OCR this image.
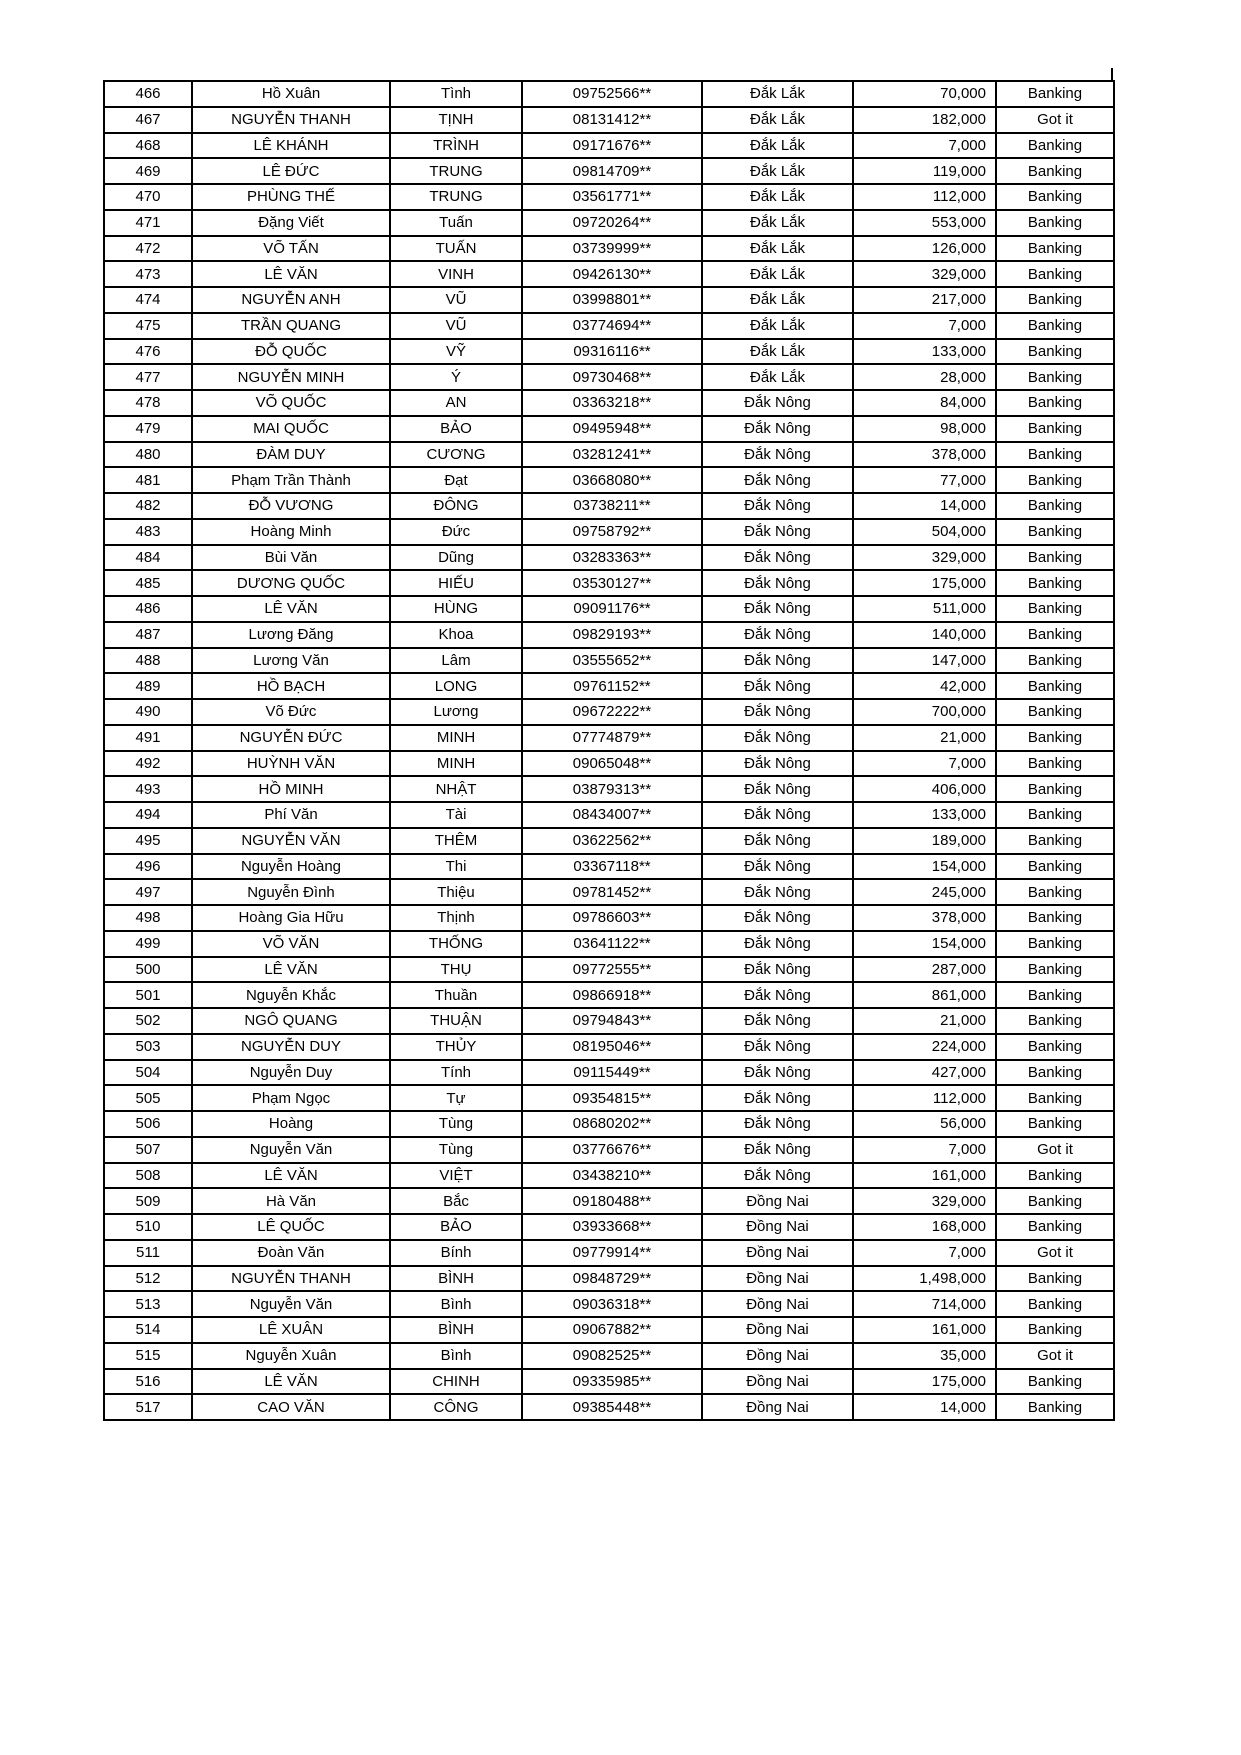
466	Hồ Xuân	Tình	09752566**	Đắk Lắk	70,000	Banking
467	NGUYỄN THANH	TỊNH	08131412**	Đắk Lắk	182,000	Got it
468	LÊ KHÁNH	TRÌNH	09171676**	Đắk Lắk	7,000	Banking
469	LÊ ĐỨC	TRUNG	09814709**	Đắk Lắk	119,000	Banking
470	PHÙNG THẾ	TRUNG	03561771**	Đắk Lắk	112,000	Banking
471	Đặng Viết	Tuấn	09720264**	Đắk Lắk	553,000	Banking
472	VÕ TẤN	TUẤN	03739999**	Đắk Lắk	126,000	Banking
473	LÊ VĂN	VINH	09426130**	Đắk Lắk	329,000	Banking
474	NGUYỄN ANH	VŨ	03998801**	Đắk Lắk	217,000	Banking
475	TRẦN QUANG	VŨ	03774694**	Đắk Lắk	7,000	Banking
476	ĐỖ QUỐC	VỸ	09316116**	Đắk Lắk	133,000	Banking
477	NGUYỄN MINH	Ý	09730468**	Đắk Lắk	28,000	Banking
478	VÕ QUỐC	AN	03363218**	Đắk Nông	84,000	Banking
479	MAI QUỐC	BẢO	09495948**	Đắk Nông	98,000	Banking
480	ĐÀM DUY	CƯƠNG	03281241**	Đắk Nông	378,000	Banking
481	Phạm Trần Thành	Đạt	03668080**	Đắk Nông	77,000	Banking
482	ĐỖ VƯƠNG	ĐÔNG	03738211**	Đắk Nông	14,000	Banking
483	Hoàng Minh	Đức	09758792**	Đắk Nông	504,000	Banking
484	Bùi Văn	Dũng	03283363**	Đắk Nông	329,000	Banking
485	DƯƠNG QUỐC	HIẾU	03530127**	Đắk Nông	175,000	Banking
486	LÊ VĂN	HÙNG	09091176**	Đắk Nông	511,000	Banking
487	Lương Đăng	Khoa	09829193**	Đắk Nông	140,000	Banking
488	Lương Văn	Lâm	03555652**	Đắk Nông	147,000	Banking
489	HỒ BẠCH	LONG	09761152**	Đắk Nông	42,000	Banking
490	Võ Đức	Lương	09672222**	Đắk Nông	700,000	Banking
491	NGUYỄN ĐỨC	MINH	07774879**	Đắk Nông	21,000	Banking
492	HUỲNH VĂN	MINH	09065048**	Đắk Nông	7,000	Banking
493	HỒ MINH	NHẬT	03879313**	Đắk Nông	406,000	Banking
494	Phí Văn	Tài	08434007**	Đắk Nông	133,000	Banking
495	NGUYỄN VĂN	THÊM	03622562**	Đắk Nông	189,000	Banking
496	Nguyễn Hoàng	Thi	03367118**	Đắk Nông	154,000	Banking
497	Nguyễn Đình	Thiệu	09781452**	Đắk Nông	245,000	Banking
498	Hoàng Gia Hữu	Thịnh	09786603**	Đắk Nông	378,000	Banking
499	VÕ VĂN	THỐNG	03641122**	Đắk Nông	154,000	Banking
500	LÊ VĂN	THỤ	09772555**	Đắk Nông	287,000	Banking
501	Nguyễn Khắc	Thuần	09866918**	Đắk Nông	861,000	Banking
502	NGÔ QUANG	THUẬN	09794843**	Đắk Nông	21,000	Banking
503	NGUYỄN DUY	THỦY	08195046**	Đắk Nông	224,000	Banking
504	Nguyễn Duy	Tính	09115449**	Đắk Nông	427,000	Banking
505	Phạm Ngọc	Tự	09354815**	Đắk Nông	112,000	Banking
506	Hoàng	Tùng	08680202**	Đắk Nông	56,000	Banking
507	Nguyễn Văn	Tùng	03776676**	Đắk Nông	7,000	Got it
508	LÊ VĂN	VIỆT	03438210**	Đắk Nông	161,000	Banking
509	Hà Văn	Bắc	09180488**	Đồng Nai	329,000	Banking
510	LÊ QUỐC	BẢO	03933668**	Đồng Nai	168,000	Banking
511	Đoàn Văn	Bính	09779914**	Đồng Nai	7,000	Got it
512	NGUYỄN THANH	BÌNH	09848729**	Đồng Nai	1,498,000	Banking
513	Nguyễn Văn	Bình	09036318**	Đồng Nai	714,000	Banking
514	LÊ XUÂN	BÌNH	09067882**	Đồng Nai	161,000	Banking
515	Nguyễn Xuân	Bình	09082525**	Đồng Nai	35,000	Got it
516	LÊ VĂN	CHINH	09335985**	Đồng Nai	175,000	Banking
517	CAO VĂN	CÔNG	09385448**	Đồng Nai	14,000	Banking
